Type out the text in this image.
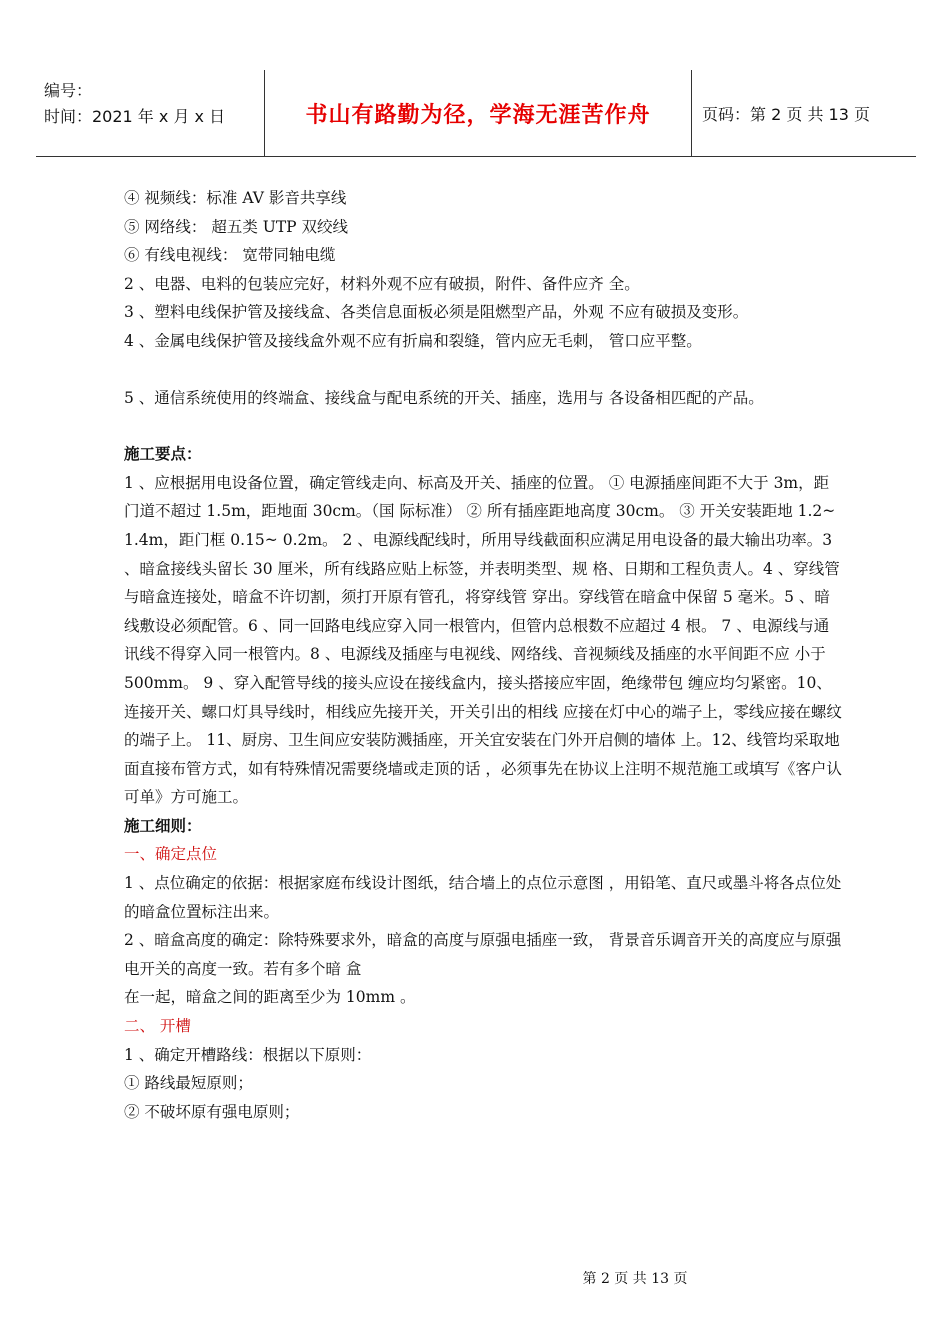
编号：
时间：2021 年 x 月 x 日	书山有路勤为径，学海无涯苦作舟	页码：第 2 页 共 13 页

④ 视频线：标准 AV 影音共享线

⑤ 网络线： 超五类 UTP 双绞线

⑥ 有线电视线： 宽带同轴电缆

2 、电器、电料的包装应完好，材料外观不应有破损，附件、备件应齐 全。

3 、塑料电线保护管及接线盒、各类信息面板必须是阻燃型产品，外观 不应有破损及变形。

4 、金属电线保护管及接线盒外观不应有折扁和裂缝，管内应无毛刺， 管口应平整。

5 、通信系统使用的终端盒、接线盒与配电系统的开关、插座，选用与 各设备相匹配的产品。

施工要点：

1 、应根据用电设备位置，确定管线走向、标高及开关、插座的位置。 ① 电源插座间距不大于 3m，距门道不超过 1.5m，距地面 30cm。（国 际标准） ② 所有插座距地高度 30cm。 ③ 开关安装距地 1.2~ 1.4m，距门框 0.15~ 0.2m。 2 、电源线配线时，所用导线截面积应满足用电设备的最大输出功率。3 、暗盒接线头留长 30 厘米，所有线路应贴上标签，并表明类型、规 格、日期和工程负责人。4 、穿线管与暗盒连接处，暗盒不许切割，须打开原有管孔，将穿线管 穿出。穿线管在暗盒中保留 5 毫米。5 、暗线敷设必须配管。6 、同一回路电线应穿入同一根管内，但管内总根数不应超过 4 根。 7 、电源线与通讯线不得穿入同一根管内。8 、电源线及插座与电视线、网络线、音视频线及插座的水平间距不应 小于 500mm。 9 、穿入配管导线的接头应设在接线盒内，接头搭接应牢固，绝缘带包 缠应均匀紧密。10、连接开关、螺口灯具导线时，相线应先接开关，开关引出的相线 应接在灯中心的端子上，零线应接在螺纹的端子上。 11、厨房、卫生间应安装防溅插座，开关宜安装在门外开启侧的墙体 上。12、线管均采取地面直接布管方式，如有特殊情况需要绕墙或走顶的话 ，必须事先在协议上注明不规范施工或填写《客户认可单》方可施工。

施工细则：

一、确定点位

1 、点位确定的依据：根据家庭布线设计图纸，结合墙上的点位示意图 ，用铅笔、直尺或墨斗将各点位处的暗盒位置标注出来。

2 、暗盒高度的确定：除特殊要求外，暗盒的高度与原强电插座一致， 背景音乐调音开关的高度应与原强电开关的高度一致。若有多个暗 盒

在一起，暗盒之间的距离至少为 10mm 。

二、 开槽

1 、确定开槽路线：根据以下原则：

① 路线最短原则；

② 不破坏原有强电原则；

第 2 页 共 13 页
